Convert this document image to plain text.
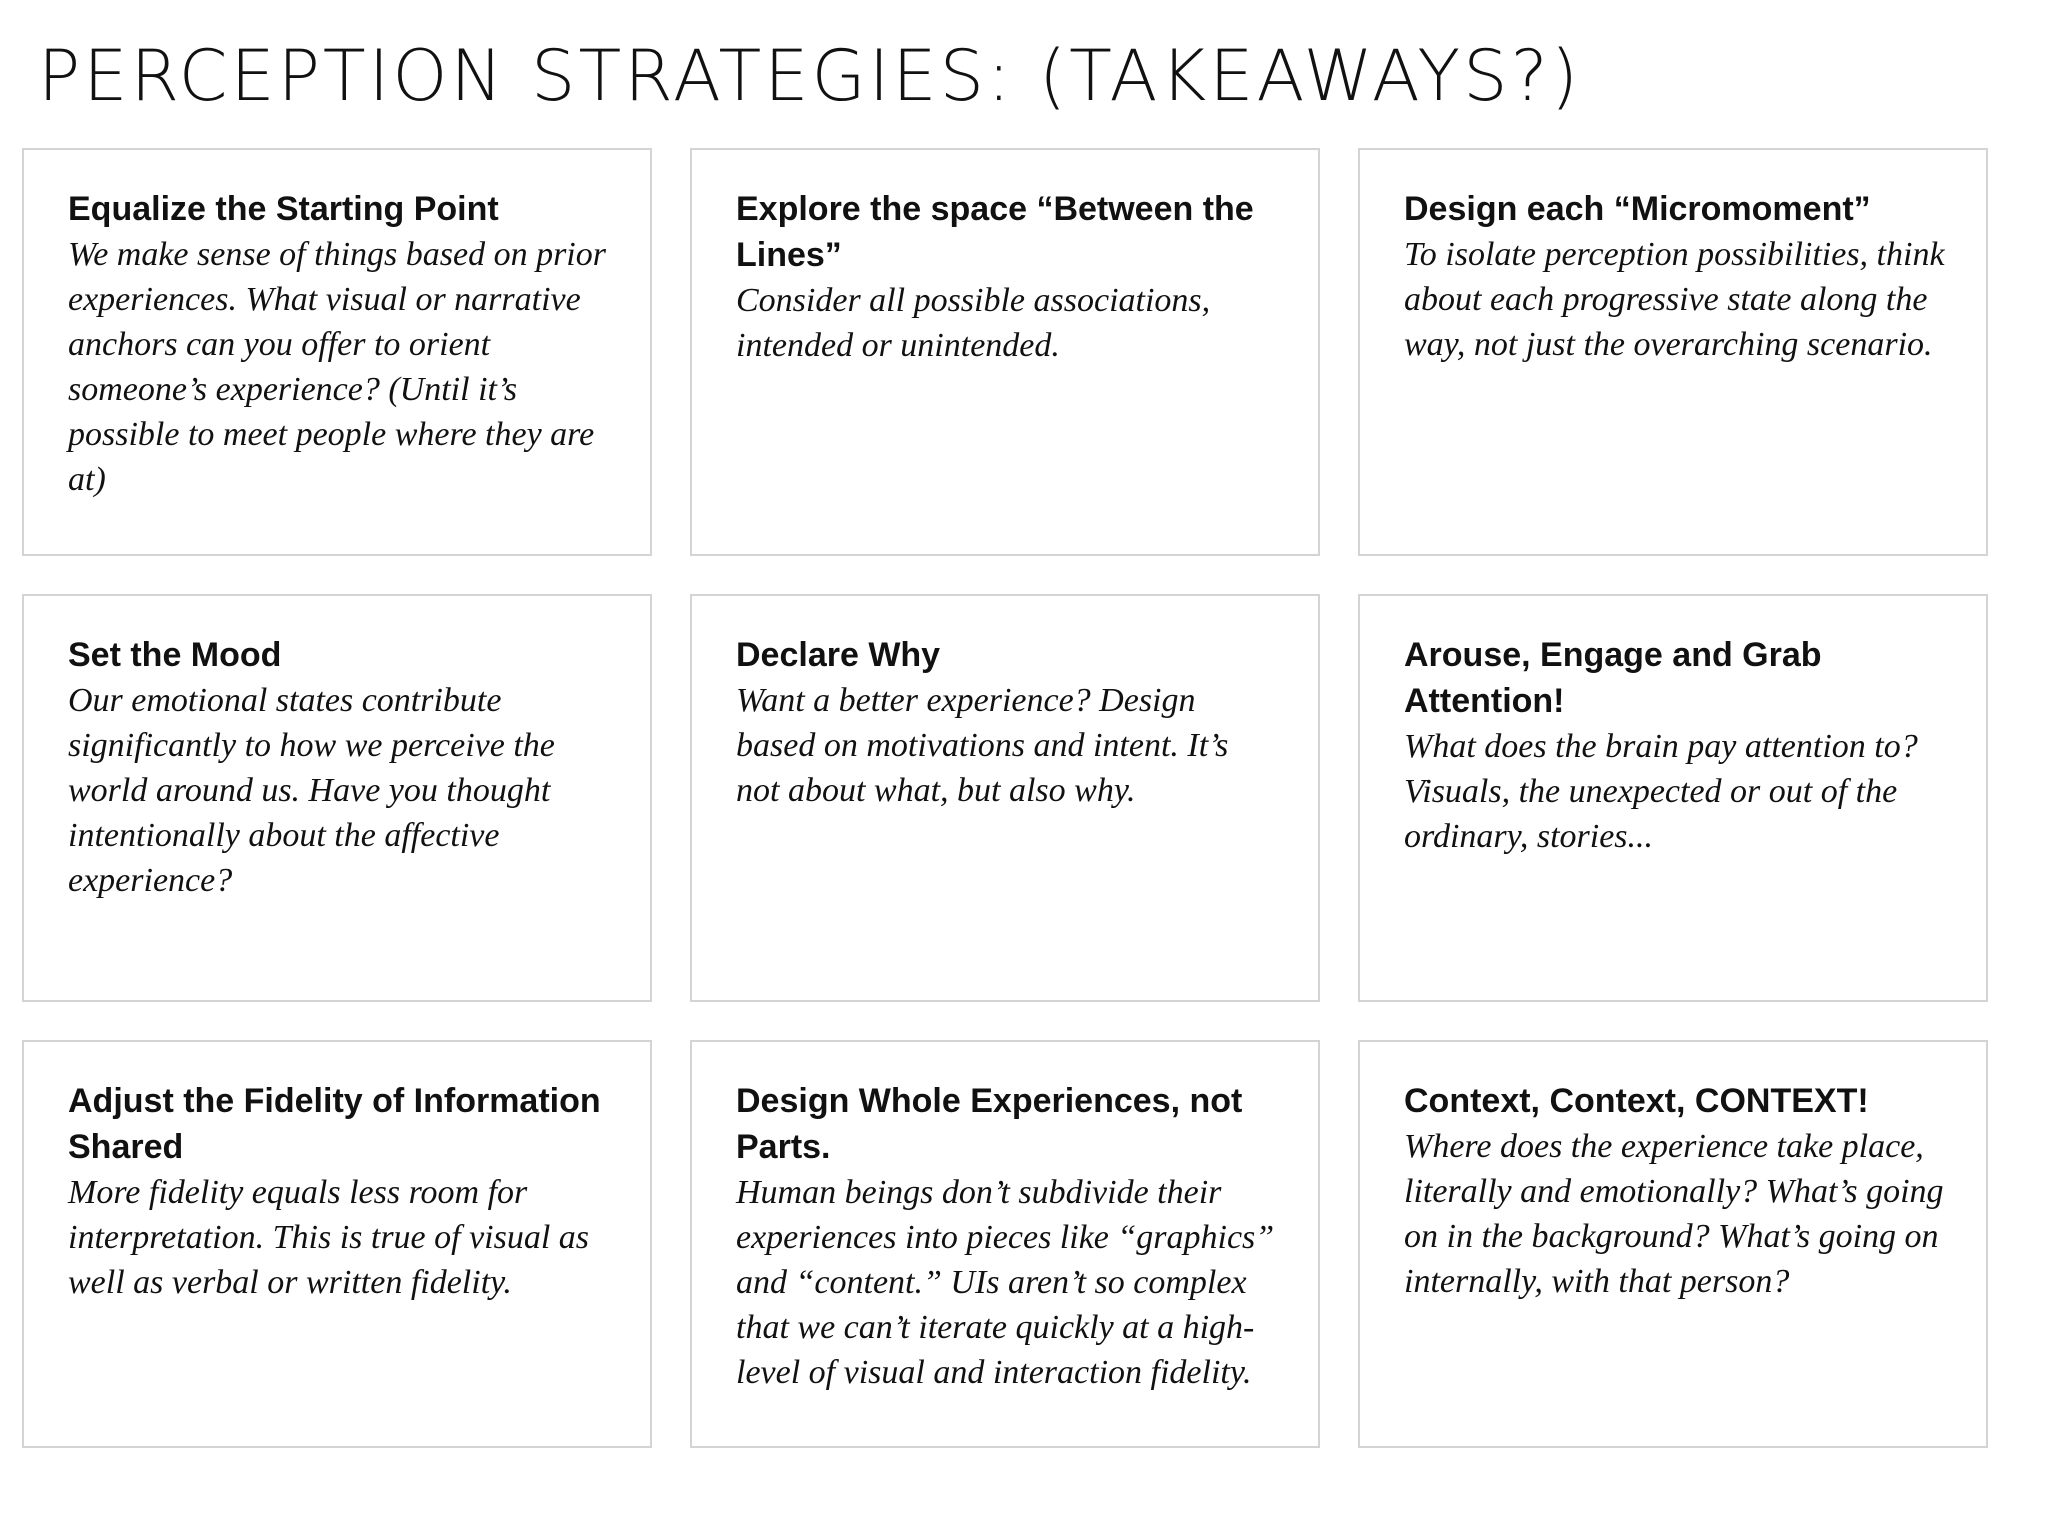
PERCEPTION STRATEGIES: (TAKEAWAYS?)

Equalize the Starting Point

We make sense of things based on prior experiences. What visual or narrative anchors can you offer to orient someone’s experience? (Until it’s possible to meet people where they are at)

Explore the space “Between the Lines”

Consider all possible associations, intended or unintended.

Design each “Micromoment”

To isolate perception possibilities, think about each progressive state along the way, not just the overarching scenario.

Set the Mood

Our emotional states contribute significantly to how we perceive the world around us. Have you thought intentionally about the affective experience?

Declare Why

Want a better experience? Design based on motivations and intent. It’s not about what, but also why.

Arouse, Engage and Grab Attention!

What does the brain pay attention to? Visuals, the unexpected or out of the ordinary, stories...

Adjust the Fidelity of Information Shared

More fidelity equals less room for interpretation. This is true of visual as well as verbal or written fidelity.

Design Whole Experiences, not Parts.

Human beings don’t subdivide their experiences into pieces like “graphics” and “content.” UIs aren’t so complex that we can’t iterate quickly at a high-level of visual and interaction fidelity.

Context, Context, CONTEXT!

Where does the experience take place, literally and emotionally? What’s going on in the background? What’s going on internally, with that person?
